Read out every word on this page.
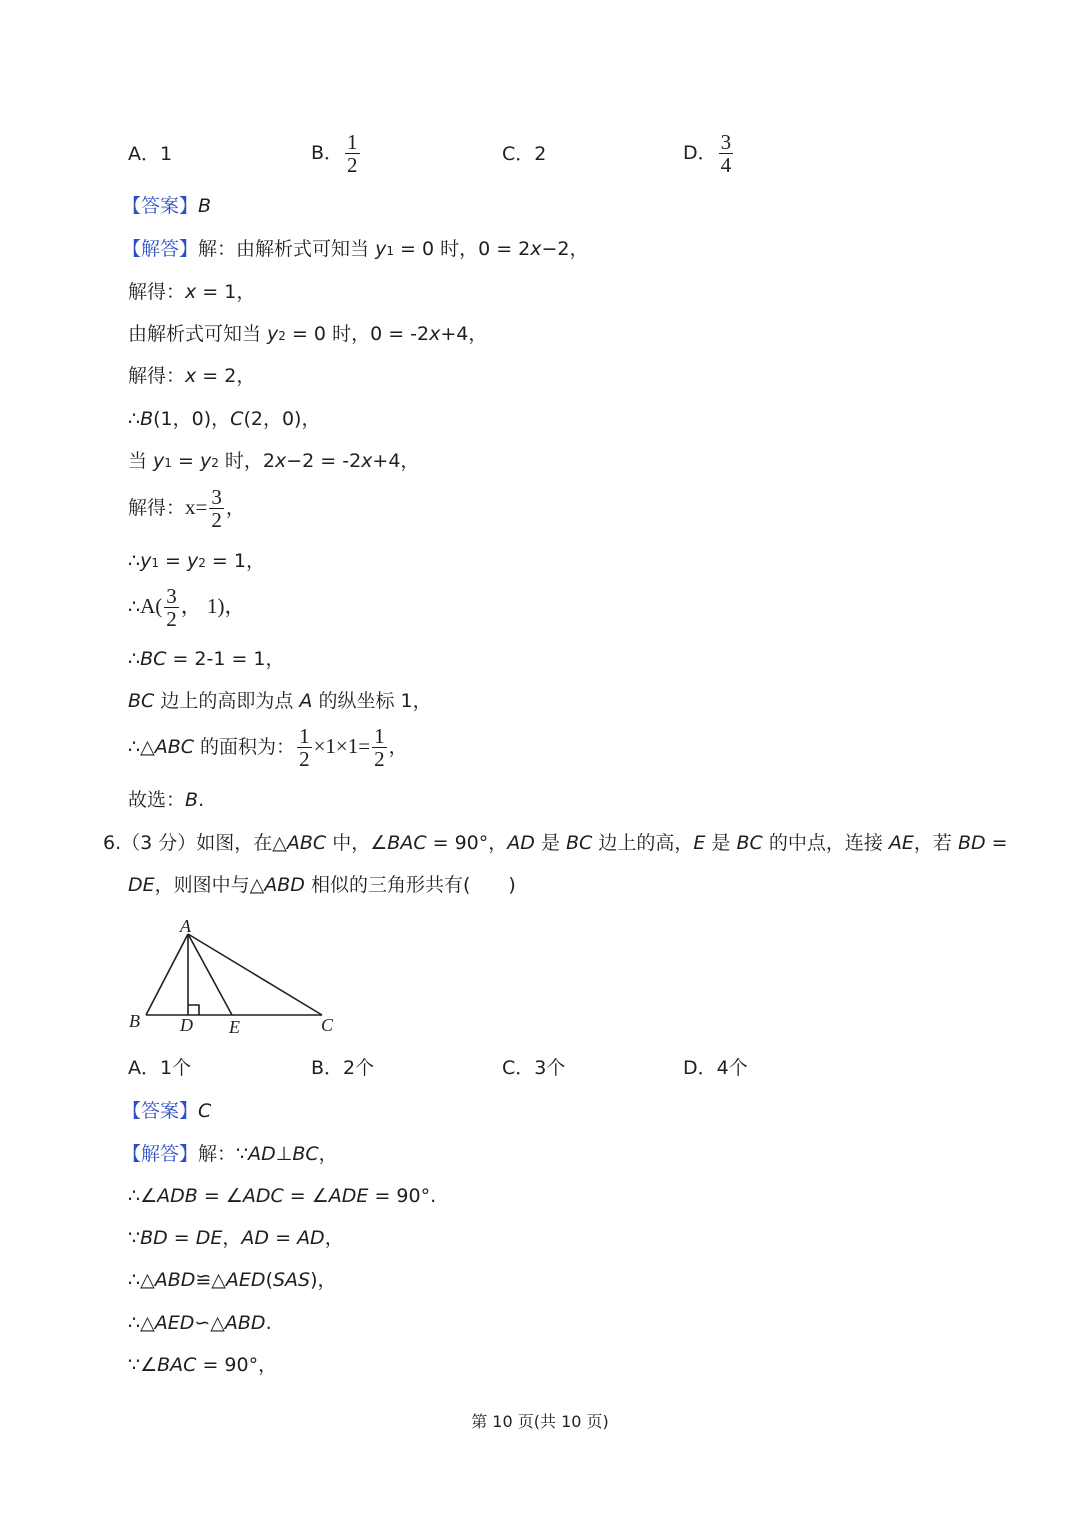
A．1	B． $\frac{1}{2}$	C．2	D． $\frac{3}{4}$
【答案】B
【解答】解：由解析式可知当 y1 = 0 时，0 = 2x−2，
解得：x = 1，
由解析式可知当 y2 = 0 时，0 = -2x+4，
解得：x = 2，
∴B(1，0)，C(2，0)，
当 y1 = y2 时，2x−2 = -2x+4，
解得：$x= \frac{3}{2}$ ，
∴y1 = y2 = 1，
∴A( $\frac{3}{2}$ ， 1)，
∴BC = 2-1 = 1，
BC 边上的高即为点 A 的纵坐标 1，
∴△ABC 的面积为： $\frac{1}{2} \times 1\times 1= \frac{1}{2}$ ，
故选：B.
6.（3 分）如图，在△ABC 中，∠BAC = 90°，AD 是 BC 边上的高，E 是 BC 的中点，连接 AE，若 BD =
DE，则图中与△ABD 相似的三角形共有(　　)
A
B D E	C
A．1个	B．2个	C．3个	D．4个
【答案】C
【解答】解：∵AD⊥BC，
∴∠ADB = ∠ADC = ∠ADE = 90°.
∵BD = DE，AD = AD，
∴△ABD≌△AED(SAS)，
∴△AED∽△ABD.
∵∠BAC = 90°，
第 10 页(共 10 页)
